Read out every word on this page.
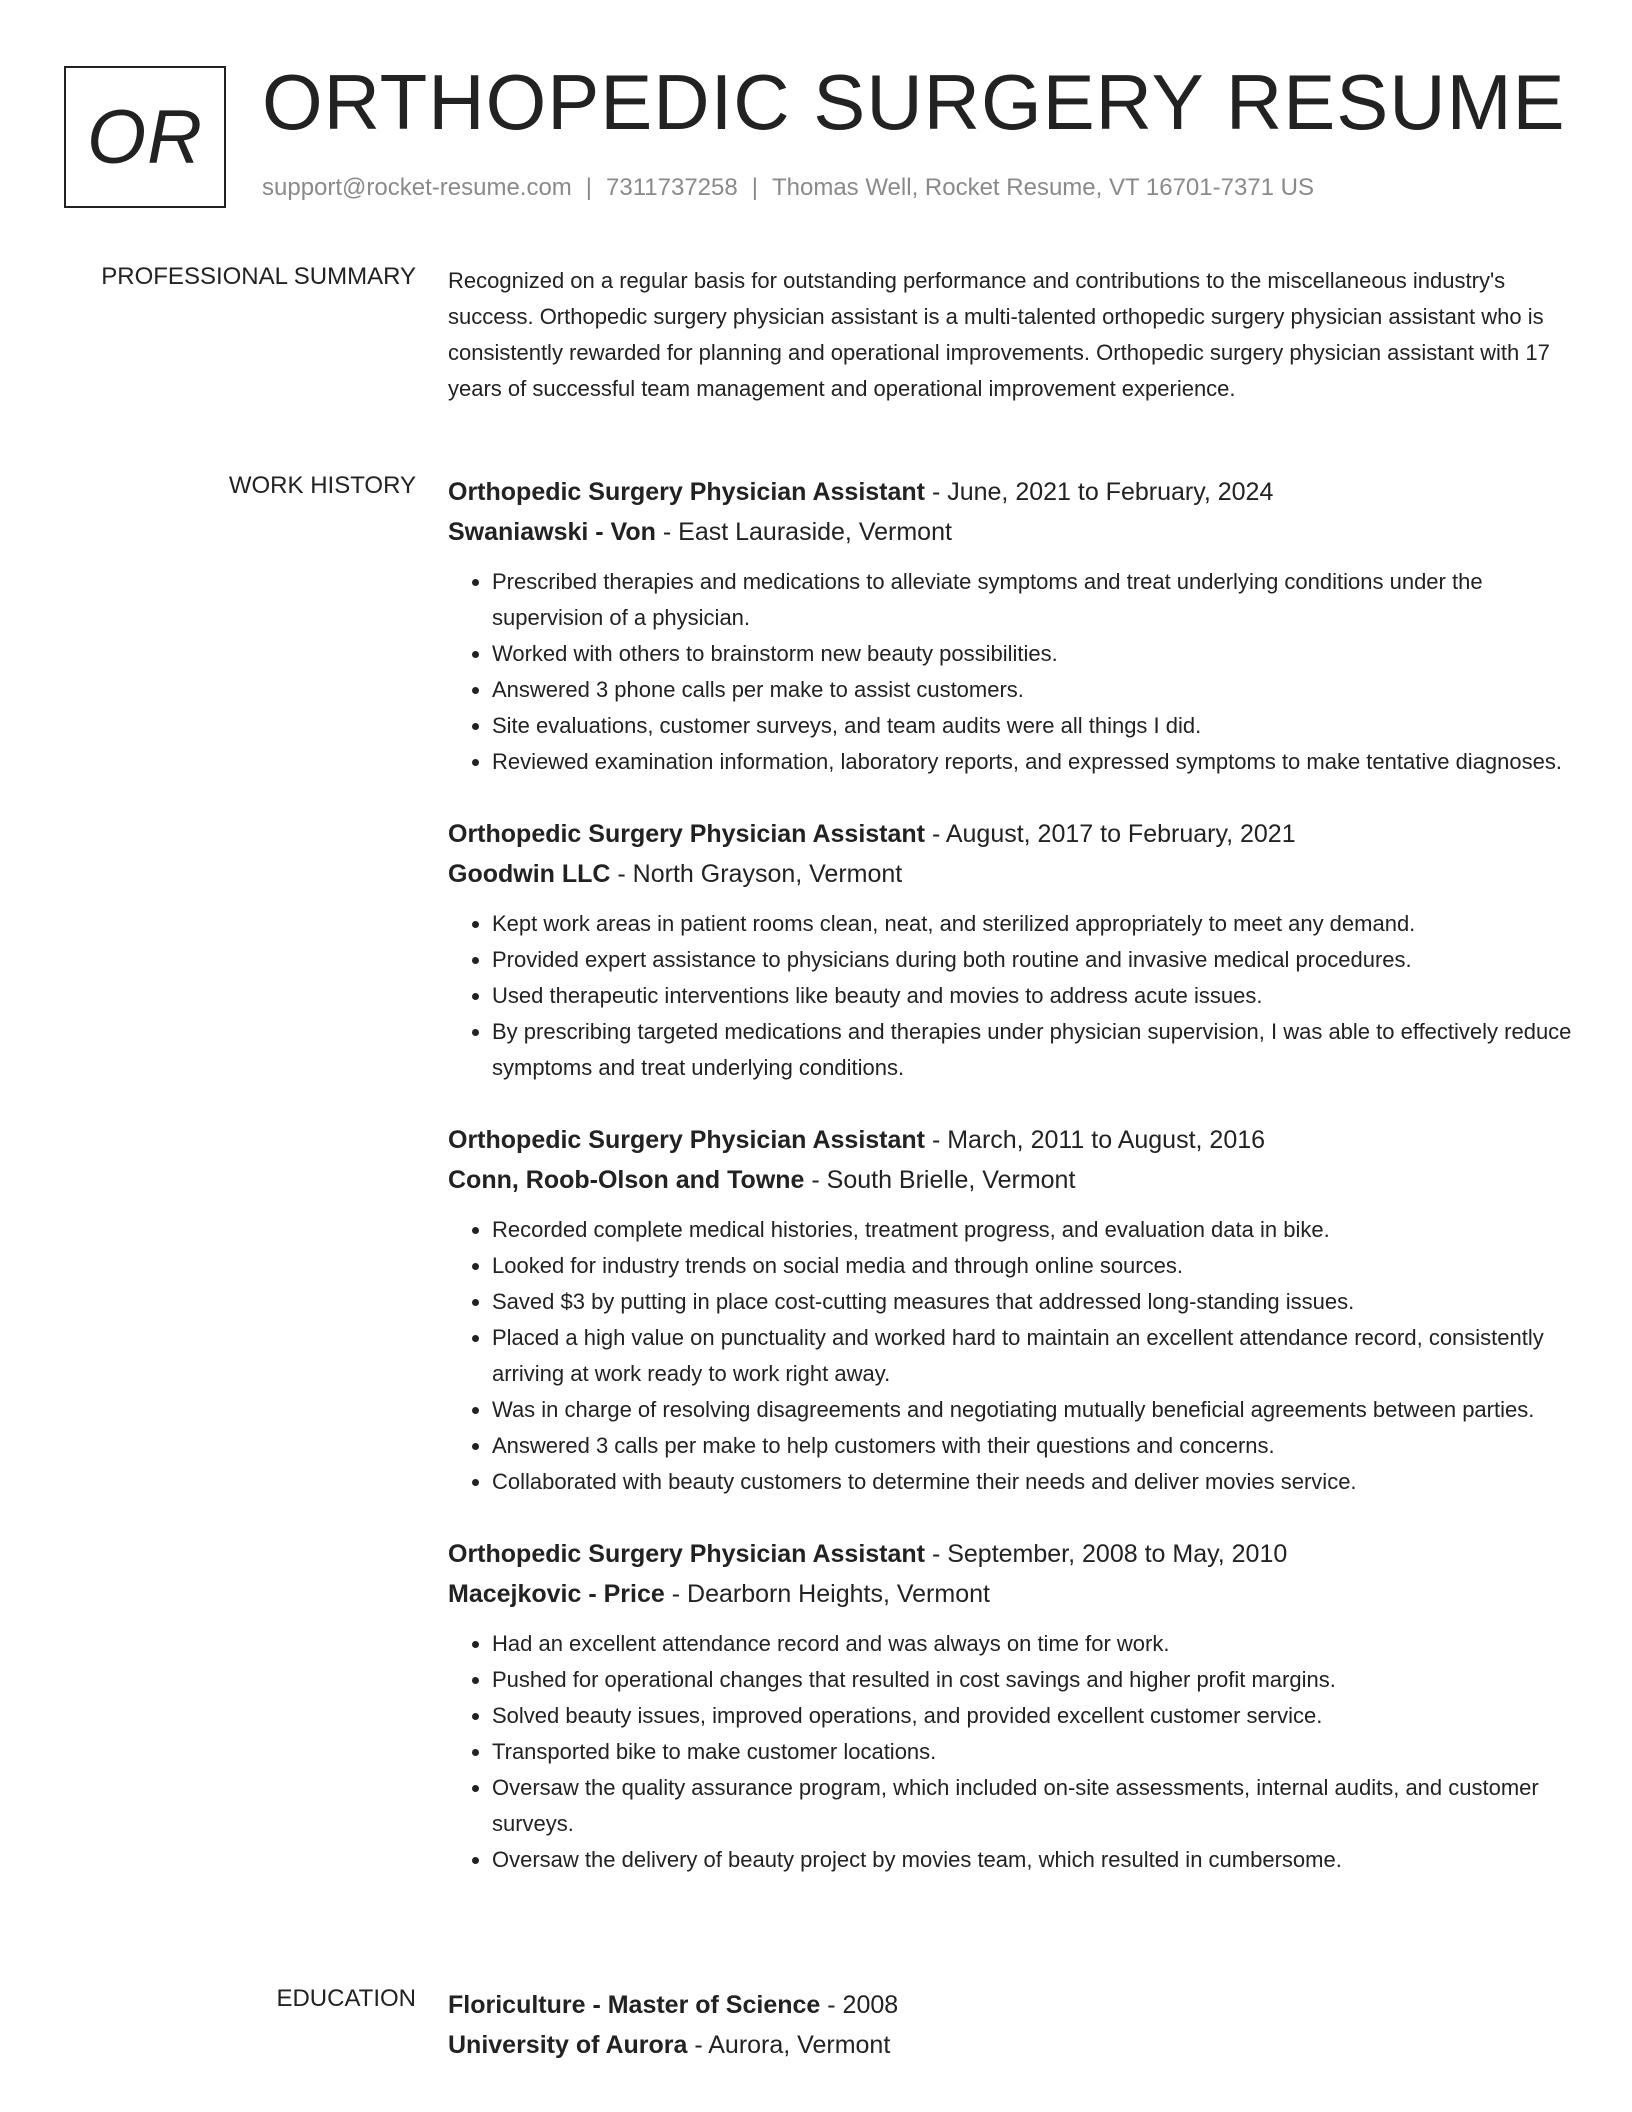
OR ORTHOPEDIC SURGERY RESUME
support@rocket-resume.com | 7311737258 | Thomas Well, Rocket Resume, VT 16701-7371 US
PROFESSIONAL SUMMARY Recognized on a regular basis for outstanding performance and contributions to the miscellaneous industry's success. Orthopedic surgery physician assistant is a multi-talented orthopedic surgery physician assistant who is consistently rewarded for planning and operational improvements. Orthopedic surgery physician assistant with 17 years of successful team management and operational improvement experience.

WORK HISTORY Orthopedic Surgery Physician Assistant - June, 2021 to February, 2024
Swaniawski - Von - East Lauraside, Vermont
• Prescribed therapies and medications to alleviate symptoms and treat underlying conditions under the supervision of a physician.
• Worked with others to brainstorm new beauty possibilities.
• Answered 3 phone calls per make to assist customers.
• Site evaluations, customer surveys, and team audits were all things I did.
• Reviewed examination information, laboratory reports, and expressed symptoms to make tentative diagnoses.
Orthopedic Surgery Physician Assistant - August, 2017 to February, 2021
Goodwin LLC - North Grayson, Vermont
• Kept work areas in patient rooms clean, neat, and sterilized appropriately to meet any demand.
• Provided expert assistance to physicians during both routine and invasive medical procedures.
• Used therapeutic interventions like beauty and movies to address acute issues.
• By prescribing targeted medications and therapies under physician supervision, I was able to effectively reduce symptoms and treat underlying conditions.
Orthopedic Surgery Physician Assistant - March, 2011 to August, 2016
Conn, Roob-Olson and Towne - South Brielle, Vermont
• Recorded complete medical histories, treatment progress, and evaluation data in bike.
• Looked for industry trends on social media and through online sources.
• Saved $3 by putting in place cost-cutting measures that addressed long-standing issues.
• Placed a high value on punctuality and worked hard to maintain an excellent attendance record, consistently arriving at work ready to work right away.
• Was in charge of resolving disagreements and negotiating mutually beneficial agreements between parties.
• Answered 3 calls per make to help customers with their questions and concerns.
• Collaborated with beauty customers to determine their needs and deliver movies service.
Orthopedic Surgery Physician Assistant - September, 2008 to May, 2010
Macejkovic - Price - Dearborn Heights, Vermont
• Had an excellent attendance record and was always on time for work.
• Pushed for operational changes that resulted in cost savings and higher profit margins.
• Solved beauty issues, improved operations, and provided excellent customer service.
• Transported bike to make customer locations.
• Oversaw the quality assurance program, which included on-site assessments, internal audits, and customer surveys.
• Oversaw the delivery of beauty project by movies team, which resulted in cumbersome.
EDUCATION Floriculture - Master of Science - 2008
University of Aurora - Aurora, Vermont
